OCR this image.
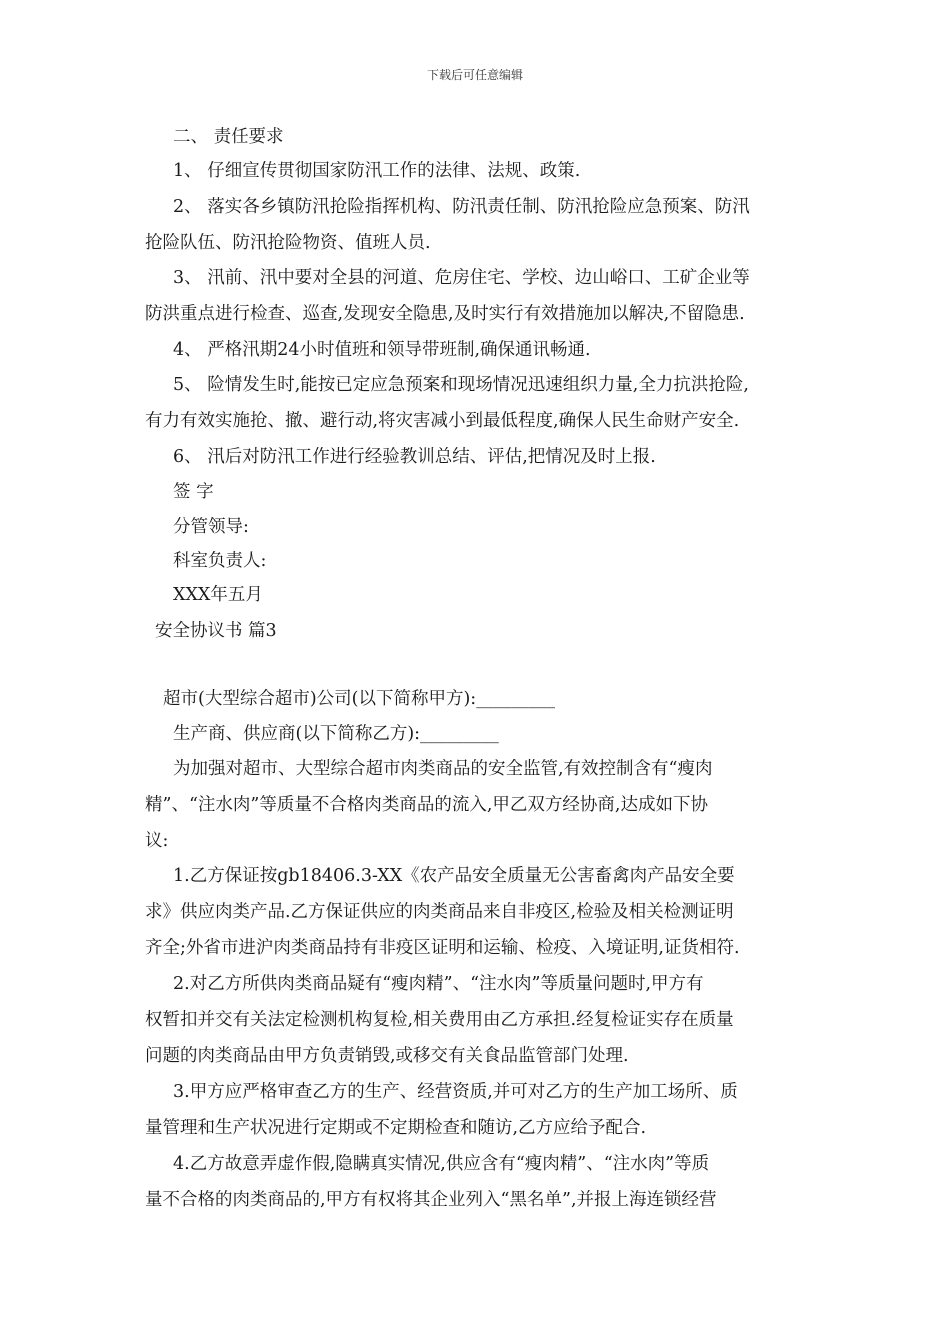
下载后可任意编辑
二、 责任要求
1、 仔细宣传贯彻国家防汛工作的法律、法规、政策.
2、 落实各乡镇防汛抢险指挥机构、防汛责任制、防汛抢险应急预案、防汛
抢险队伍、防汛抢险物资、值班人员.
3、 汛前、汛中要对全县的河道、危房住宅、学校、边山峪口、工矿企业等
防洪重点进行检查、巡查,发现安全隐患,及时实行有效措施加以解决,不留隐患.
4、 严格汛期24小时值班和领导带班制,确保通讯畅通.
5、 险情发生时,能按已定应急预案和现场情况迅速组织力量,全力抗洪抢险,
有力有效实施抢、撤、避行动,将灾害减小到最低程度,确保人民生命财产安全.
6、 汛后对防汛工作进行经验教训总结、评估,把情况及时上报.
签 字
分管领导:
科室负责人:
XXX年五月
安全协议书 篇3
超市(大型综合超市)公司(以下简称甲方):_________
生产商、供应商(以下简称乙方):_________
为加强对超市、大型综合超市肉类商品的安全监管,有效控制含有“瘦肉
精”、“注水肉”等质量不合格肉类商品的流入,甲乙双方经协商,达成如下协
议:
1.乙方保证按gb18406.3-XX《农产品安全质量无公害畜禽肉产品安全要
求》供应肉类产品.乙方保证供应的肉类商品来自非疫区,检验及相关检测证明
齐全;外省市进沪肉类商品持有非疫区证明和运输、检疫、入境证明,证货相符.
2.对乙方所供肉类商品疑有“瘦肉精”、“注水肉”等质量问题时,甲方有
权暂扣并交有关法定检测机构复检,相关费用由乙方承担.经复检证实存在质量
问题的肉类商品由甲方负责销毁,或移交有关食品监管部门处理.
3.甲方应严格审查乙方的生产、经营资质,并可对乙方的生产加工场所、质
量管理和生产状况进行定期或不定期检查和随访,乙方应给予配合.
4.乙方故意弄虚作假,隐瞒真实情况,供应含有“瘦肉精”、“注水肉”等质
量不合格的肉类商品的,甲方有权将其企业列入“黑名单”,并报上海连锁经营
